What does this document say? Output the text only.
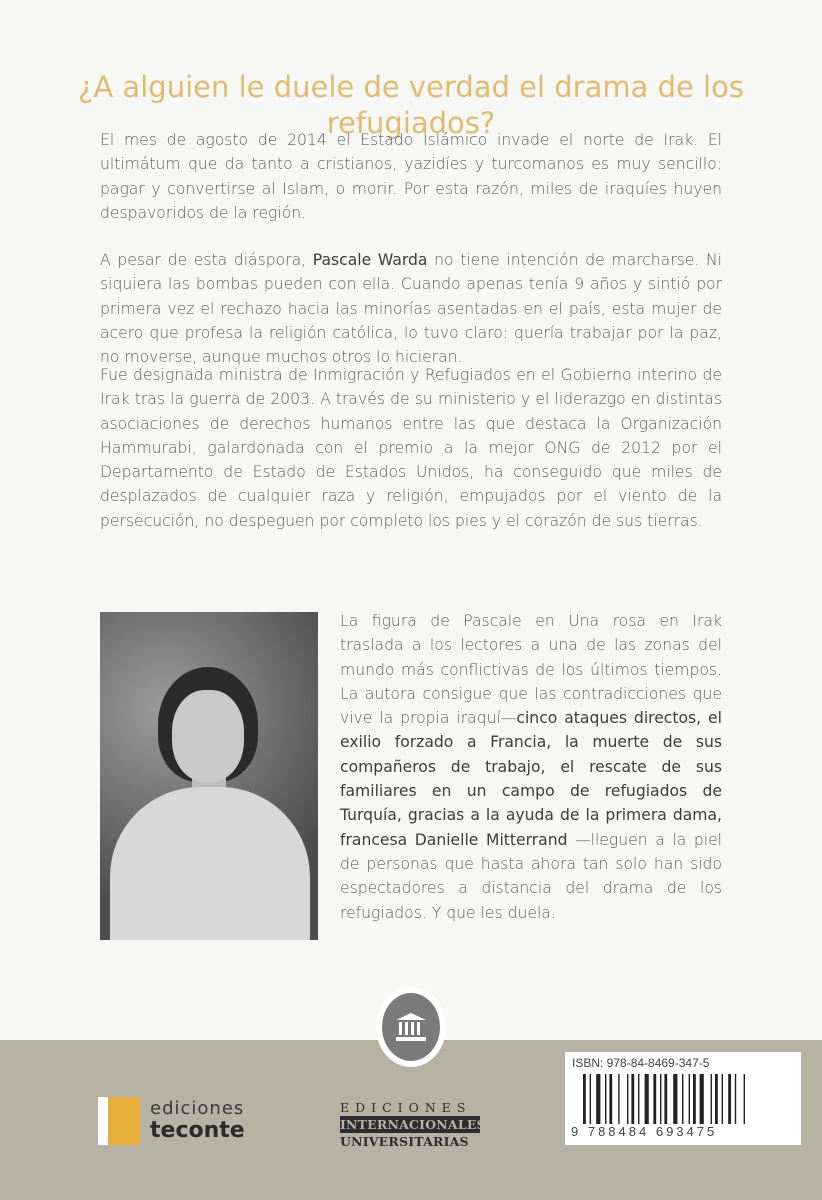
¿A alguien le duele de verdad el drama de los refugiados?

El mes de agosto de 2014 el Estado Islámico invade el norte de Irak. El ultimátum que da tanto a cristianos, yazidíes y turcomanos es muy sencillo: pagar y convertirse al Islam, o morir. Por esta razón, miles de iraquíes huyen despavoridos de la región.

A pesar de esta diáspora, Pascale Warda no tiene intención de marcharse. Ni siquiera las bombas pueden con ella. Cuando apenas tenía 9 años y sintió por primera vez el rechazo hacia las minorías asentadas en el país, esta mujer de acero que profesa la religión católica, lo tuvo claro: quería trabajar por la paz, no moverse, aunque muchos otros lo hicieran.

Fue designada ministra de Inmigración y Refugiados en el Gobierno interino de Irak tras la guerra de 2003. A través de su ministerio y el liderazgo en distintas asociaciones de derechos humanos entre las que destaca la Organización Hammurabi, galardonada con el premio a la mejor ONG de 2012 por el Departamento de Estado de Estados Unidos, ha conseguido que miles de desplazados de cualquier raza y religión, empujados por el viento de la persecución, no despeguen por completo los pies y el corazón de sus tierras.

La figura de Pascale en Una rosa en Irak traslada a los lectores a una de las zonas del mundo más conflictivas de los últimos tiempos. La autora consigue que las contradicciones que vive la propia iraquí—cinco ataques directos, el exilio forzado a Francia, la muerte de sus compañeros de trabajo, el rescate de sus familiares en un campo de refugiados de Turquía, gracias a la ayuda de la primera dama, francesa Danielle Mitterrand —lleguen a la piel de personas que hasta ahora tan solo han sido espectadores a distancia del drama de los refugiados. Y que les duela.

ediciones
teconte
EDICIONES
INTERNACIONALES
UNIVERSITARIAS
ISBN: 978-84-8469-347-5
9 788484 693475
